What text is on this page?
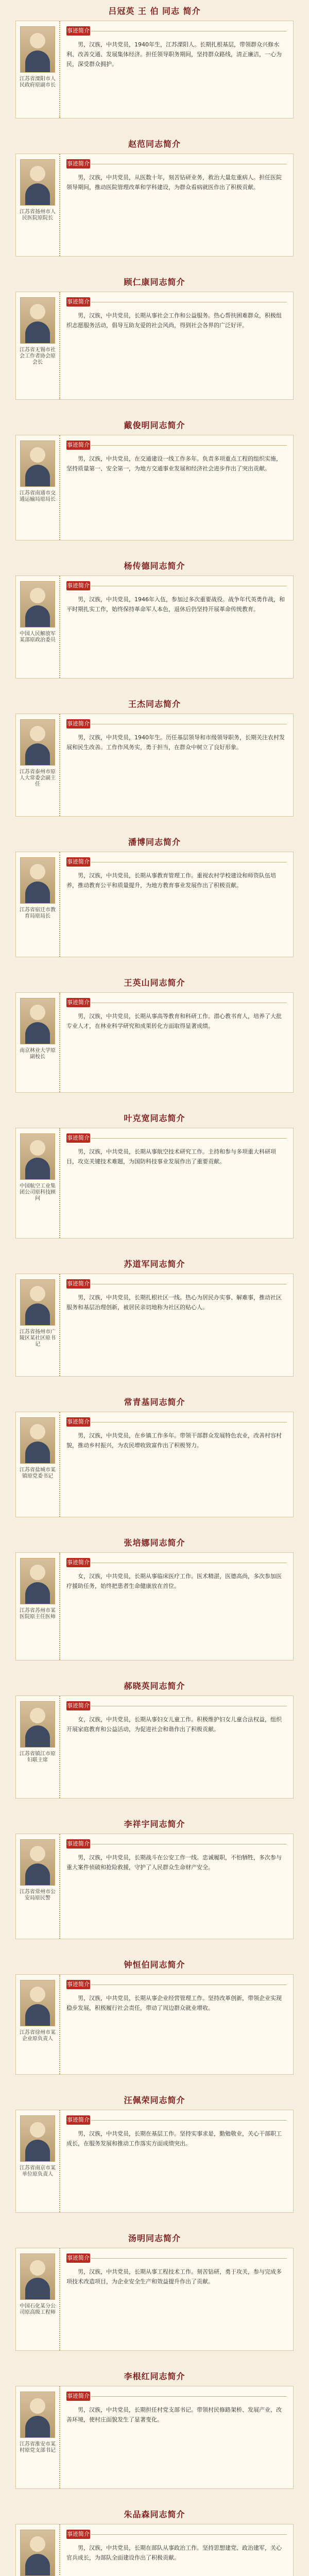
吕冠英 王 伯 同志 简介
江苏省溧阳市人民政府原副市长
事迹简介
男，汉族，中共党员，1940年生，江苏溧阳人。长期扎根基层，带领群众兴修水利、改善交通、发展集体经济。担任领导职务期间，坚持群众路线，清正廉洁，一心为民，深受群众拥护。
赵范同志简介
江苏省扬州市人民医院原院长
事迹简介
男，汉族，中共党员，从医数十年，刻苦钻研业务，救治大量危重病人。担任医院领导期间，推动医院管理改革和学科建设，为群众看病就医作出了积极贡献。
顾仁康同志简介
江苏省无锡市社会工作者协会原会长
事迹简介
男，汉族，中共党员，长期从事社会工作和公益服务。热心帮扶困难群众，积极组织志愿服务活动，倡导互助友爱的社会风尚，得到社会各界的广泛好评。
戴俊明同志简介
江苏省南通市交通运输局原局长
事迹简介
男，汉族，中共党员，在交通建设一线工作多年。负责多项重点工程的组织实施，坚持质量第一、安全第一，为地方交通事业发展和经济社会进步作出了突出贡献。
杨传德同志简介
中国人民解放军某部原政治委员
事迹简介
男，汉族，中共党员，1946年入伍，参加过多次重要战役。战争年代英勇作战，和平时期扎实工作，始终保持革命军人本色，退休后仍坚持开展革命传统教育。
王杰同志简介
江苏省泰州市原人大常委会副主任
事迹简介
男，汉族，中共党员，1940年生。历任基层领导和市级领导职务，长期关注农村发展和民生改善。工作作风务实，勇于担当，在群众中树立了良好形象。
潘博同志简介
江苏省宿迁市教育局原局长
事迹简介
男，汉族，中共党员，长期从事教育管理工作。重视农村学校建设和师资队伍培养，推动教育公平和质量提升，为地方教育事业发展作出了积极贡献。
王英山同志简介
南京林业大学原副校长
事迹简介
男，汉族，中共党员，长期从事高等教育和科研工作。潜心教书育人，培养了大批专业人才，在林业科学研究和成果转化方面取得显著成绩。
叶克宽同志简介
中国航空工业集团公司原科技顾问
事迹简介
男，汉族，中共党员，长期从事航空技术研究工作。主持和参与多项重大科研项目，攻克关键技术难题，为国防科技事业发展作出了重要贡献。
苏道军同志简介
江苏省扬州市广陵区某社区原书记
事迹简介
男，汉族，中共党员，长期扎根社区一线。热心为居民办实事、解难事，推动社区服务和基层治理创新，被居民亲切地称为社区的贴心人。
常青基同志简介
江苏省盐城市某镇原党委书记
事迹简介
男，汉族，中共党员，在乡镇工作多年。带领干部群众发展特色农业，改善村容村貌，推动乡村振兴，为农民增收致富作出了积极努力。
张培娜同志简介
江苏省苏州市某医院原主任医师
事迹简介
女，汉族，中共党员，长期从事临床医疗工作。医术精湛，医德高尚，多次参加医疗援助任务，始终把患者生命健康放在首位。
郝晓英同志简介
江苏省镇江市原妇联主席
事迹简介
女，汉族，中共党员，长期从事妇女儿童工作。积极维护妇女儿童合法权益，组织开展家庭教育和公益活动，为促进社会和谐作出了积极贡献。
李祥宇同志简介
江苏省常州市公安局原民警
事迹简介
男，汉族，中共党员，长期战斗在公安工作一线。忠诚履职，不怕牺牲，多次参与重大案件侦破和抢险救援，守护了人民群众生命财产安全。
钟恒伯同志简介
江苏省徐州市某企业原负责人
事迹简介
男，汉族，中共党员，长期从事企业经营管理工作。坚持改革创新，带领企业实现稳步发展，积极履行社会责任，带动了周边群众就业增收。
汪佩荣同志简介
江苏省南京市某单位原负责人
事迹简介
男，汉族，中共党员，长期在基层工作。坚持实事求是，勤勉敬业，关心干部职工成长，在服务发展和推动工作落实方面成绩突出。
汤明同志简介
中国石化某分公司原高级工程师
事迹简介
男，汉族，中共党员，长期从事工程技术工作。刻苦钻研，勇于攻关，参与完成多项技术改造项目，为企业安全生产和效益提升作出了贡献。
李根红同志简介
江苏省淮安市某村原党支部书记
事迹简介
男，汉族，中共党员，长期担任村党支部书记。带领村民修路架桥、发展产业、改善环境，使村庄面貌发生了显著变化。
朱品森同志简介
事迹简介
男，汉族，中共党员，长期在部队从事政治工作。坚持思想建党、政治建军，关心官兵成长，为部队全面建设作出了积极贡献。
